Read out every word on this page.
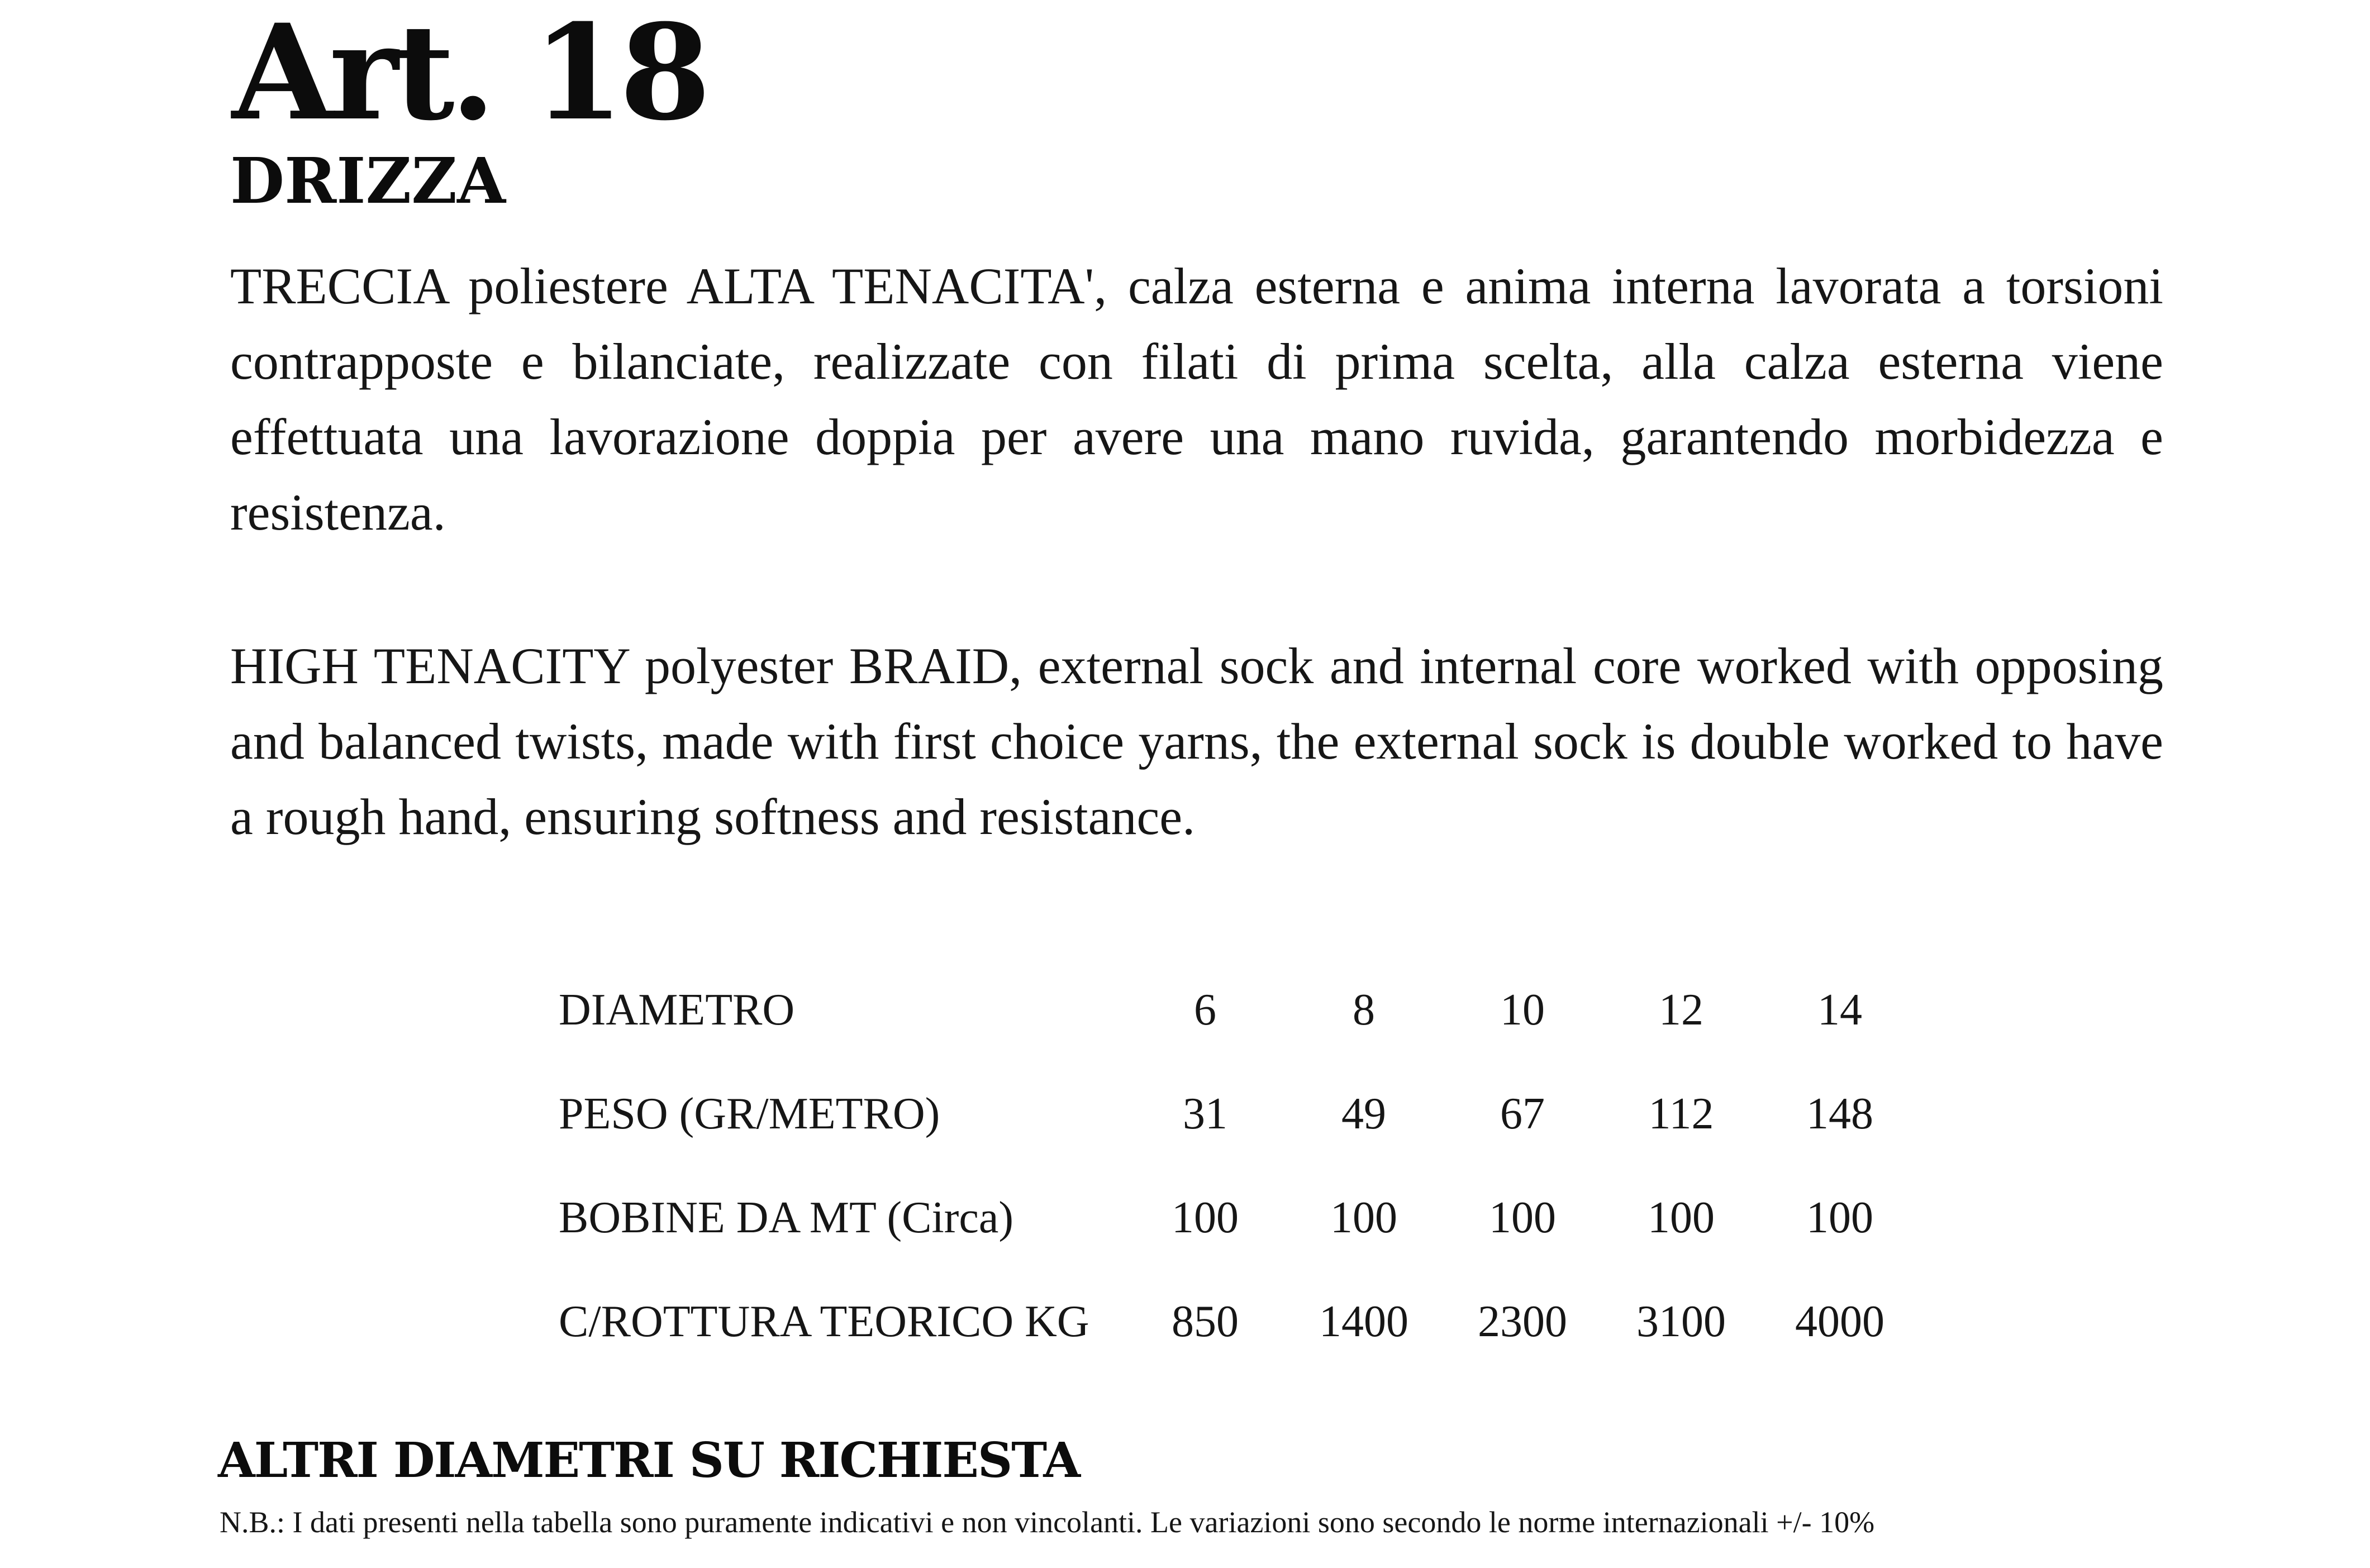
Art. 18
DRIZZA

TRECCIA poliestere ALTA TENACITA', calza esterna e anima interna lavorata a torsioni contrapposte e bilanciate, realizzate con filati di prima scelta, alla calza esterna viene effettuata una lavorazione doppia per avere una mano ruvida, garantendo morbidezza e resistenza.

HIGH TENACITY polyester BRAID, external sock and internal core worked with opposing and balanced twists, made with first choice yarns, the external sock is double worked to have a rough hand, ensuring softness and resistance.

DIAMETRO	6	8	10	12	14
PESO (GR/METRO)	31	49	67	112	148
BOBINE DA MT (Circa)	100	100	100	100	100
C/ROTTURA TEORICO KG	850	1400	2300	3100	4000
ALTRI DIAMETRI SU RICHIESTA

N.B.: I dati presenti nella tabella sono puramente indicativi e non vincolanti. Le variazioni sono secondo le norme internazionali +/- 10%
